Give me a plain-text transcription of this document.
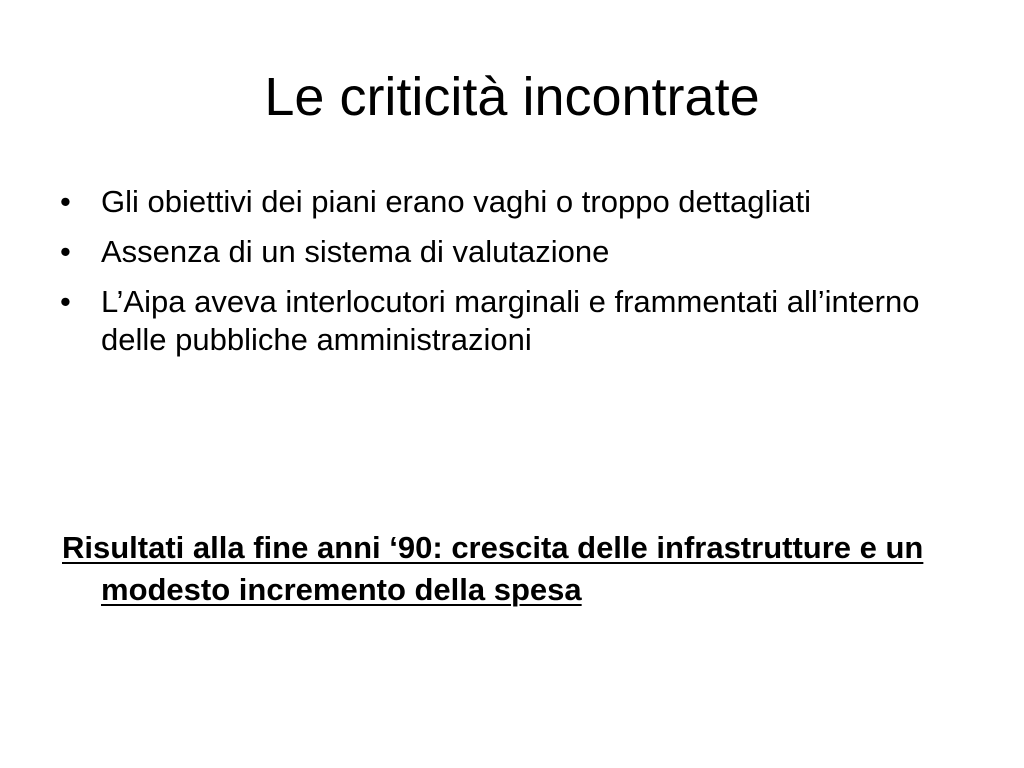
Le criticità incontrate
• Gli obiettivi dei piani erano vaghi o troppo dettagliati
• Assenza di un sistema di valutazione
• L’Aipa aveva interlocutori marginali e frammentati all’interno delle pubbliche amministrazioni

Risultati alla fine anni ‘90: crescita delle infrastrutture e un modesto incremento della spesa
